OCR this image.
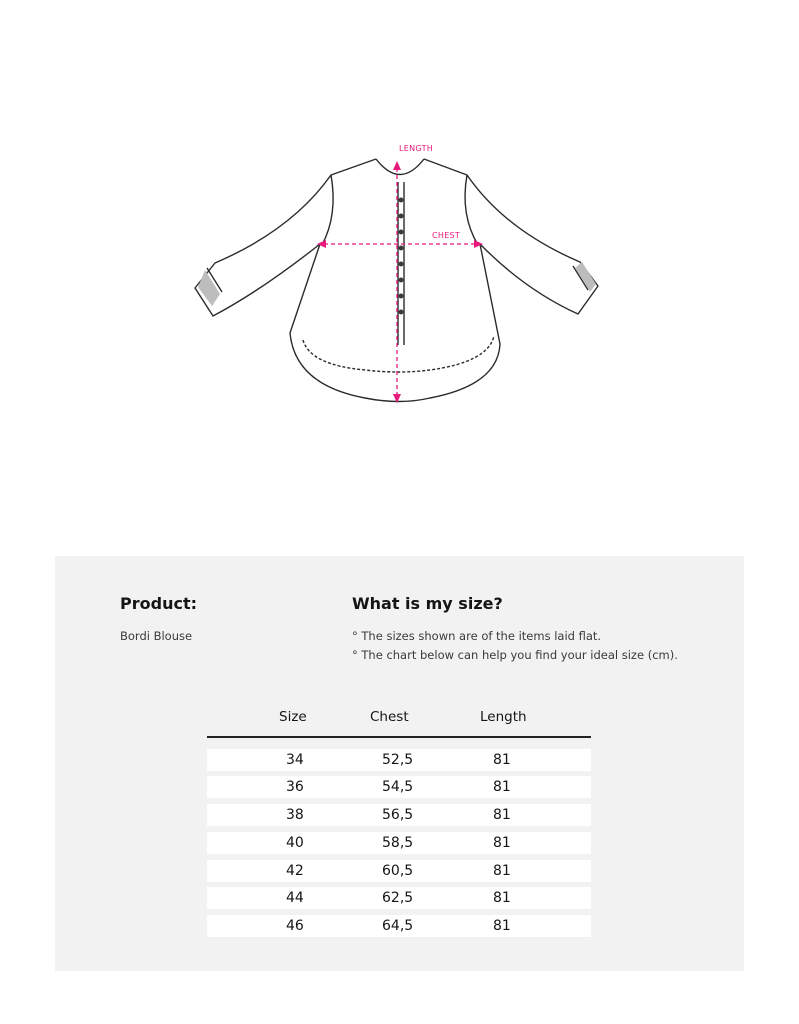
LENGTH
CHEST
Product:
Bordi Blouse
What is my size?
° The sizes shown are of the items laid flat.
° The chart below can help you find your ideal size (cm).
Size	Chest	Length
34	52,5	81
36	54,5	81
38	56,5	81
40	58,5	81
42	60,5	81
44	62,5	81
46	64,5	81
